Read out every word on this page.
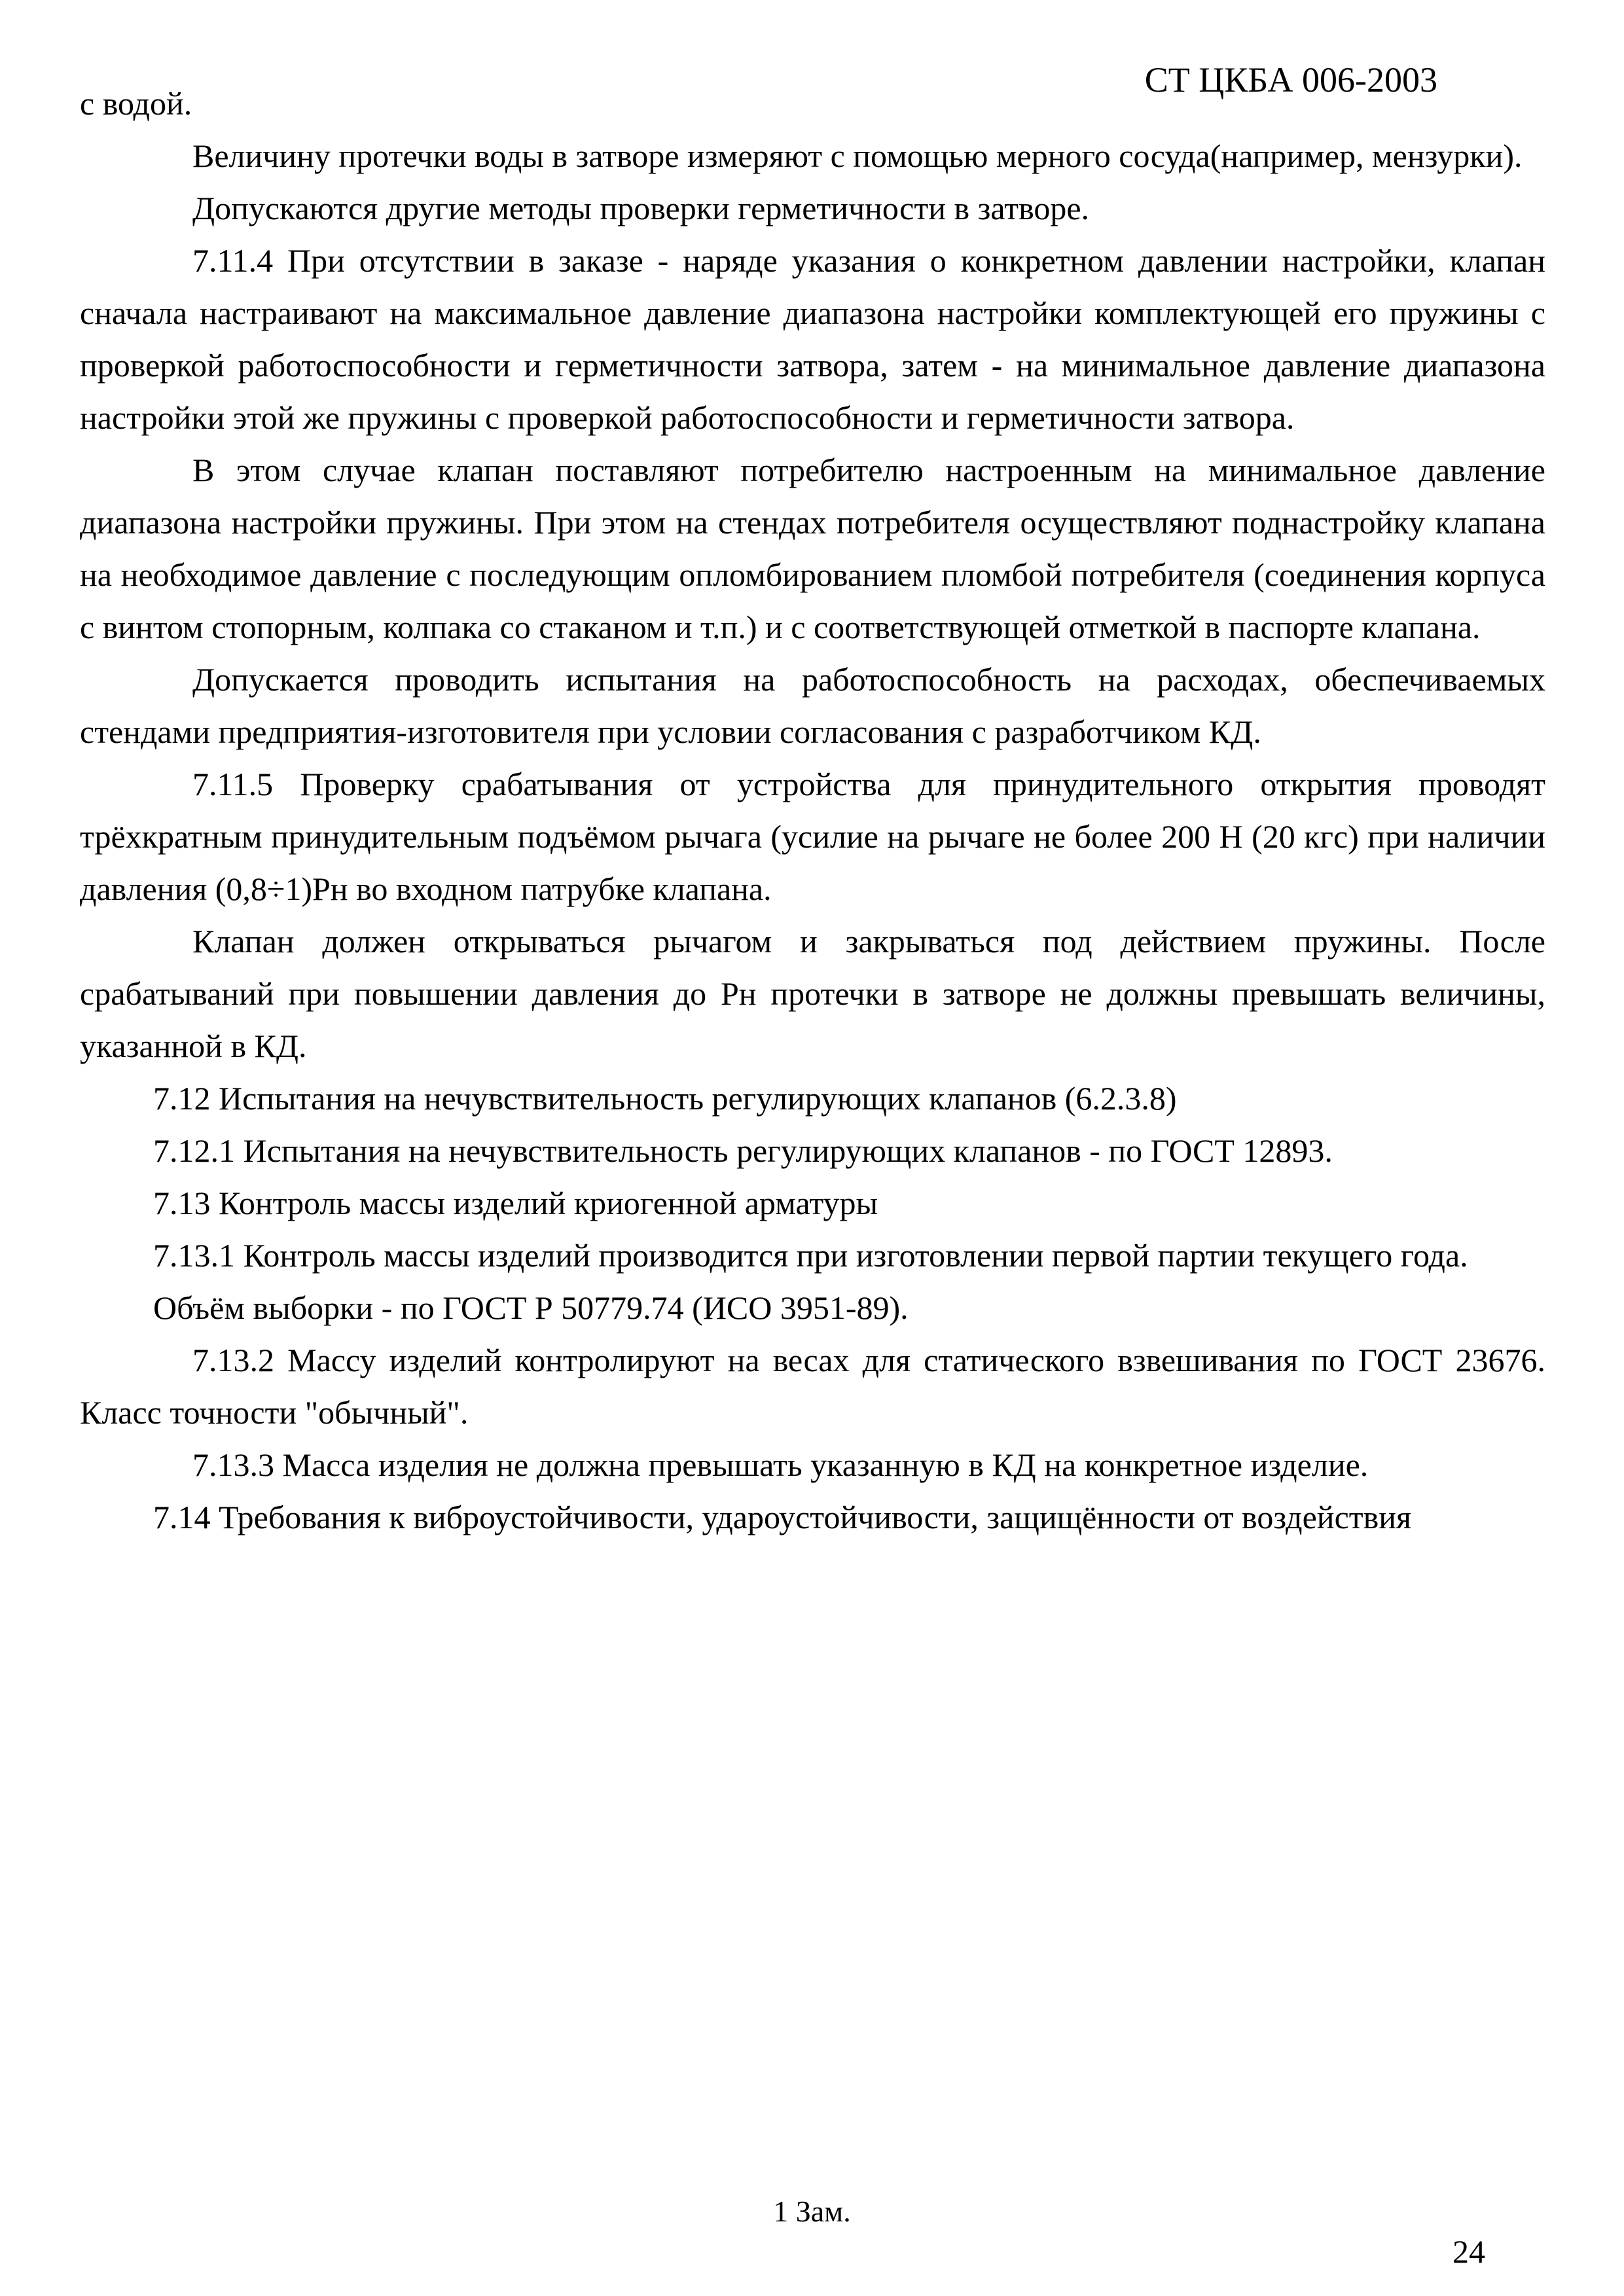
СТ ЦКБА 006-2003

с водой.

Величину протечки воды в затворе измеряют с помощью мерного сосуда(например, мензурки).

Допускаются другие методы проверки герметичности в затворе.

7.11.4 При отсутствии в заказе - наряде указания о конкретном давлении настройки, клапан сначала настраивают на максимальное давление диапазона настройки комплектующей его пружины с проверкой работоспособности и герметичности затвора, затем - на минимальное давление диапазона настройки этой же пружины с проверкой работоспособности и герметичности затвора.

В этом случае клапан поставляют потребителю настроенным на минимальное давление диапазона настройки пружины. При этом на стендах потребителя осуществляют поднастройку клапана на необходимое давление с последующим опломбированием пломбой потребителя (соединения корпуса с винтом стопорным, колпака со стаканом и т.п.) и с соответствующей отметкой в паспорте клапана.

Допускается проводить испытания на работоспособность на расходах, обеспечиваемых стендами предприятия-изготовителя при условии согласования с разработчиком КД.

7.11.5 Проверку срабатывания от устройства для принудительного открытия проводят трёхкратным принудительным подъёмом рычага (усилие на рычаге не более 200 Н (20 кгс) при наличии давления (0,8÷1)Рн во входном патрубке клапана.

Клапан должен открываться рычагом и закрываться под действием пружины. После срабатываний при повышении давления до Рн протечки в затворе не должны превышать величины, указанной в КД.

7.12 Испытания на нечувствительность регулирующих клапанов (6.2.3.8)

7.12.1 Испытания на нечувствительность регулирующих клапанов - по ГОСТ 12893.

7.13 Контроль массы изделий криогенной арматуры

7.13.1 Контроль массы изделий производится при изготовлении первой партии текущего года.

Объём выборки - по ГОСТ Р 50779.74 (ИСО 3951-89).

7.13.2 Массу изделий контролируют на весах для статического взвешивания по ГОСТ 23676. Класс точности "обычный".

7.13.3 Масса изделия не должна превышать указанную в КД на конкретное изделие.

7.14 Требования к виброустойчивости, удароустойчивости, защищённости от воздействия

1 Зам.
24
